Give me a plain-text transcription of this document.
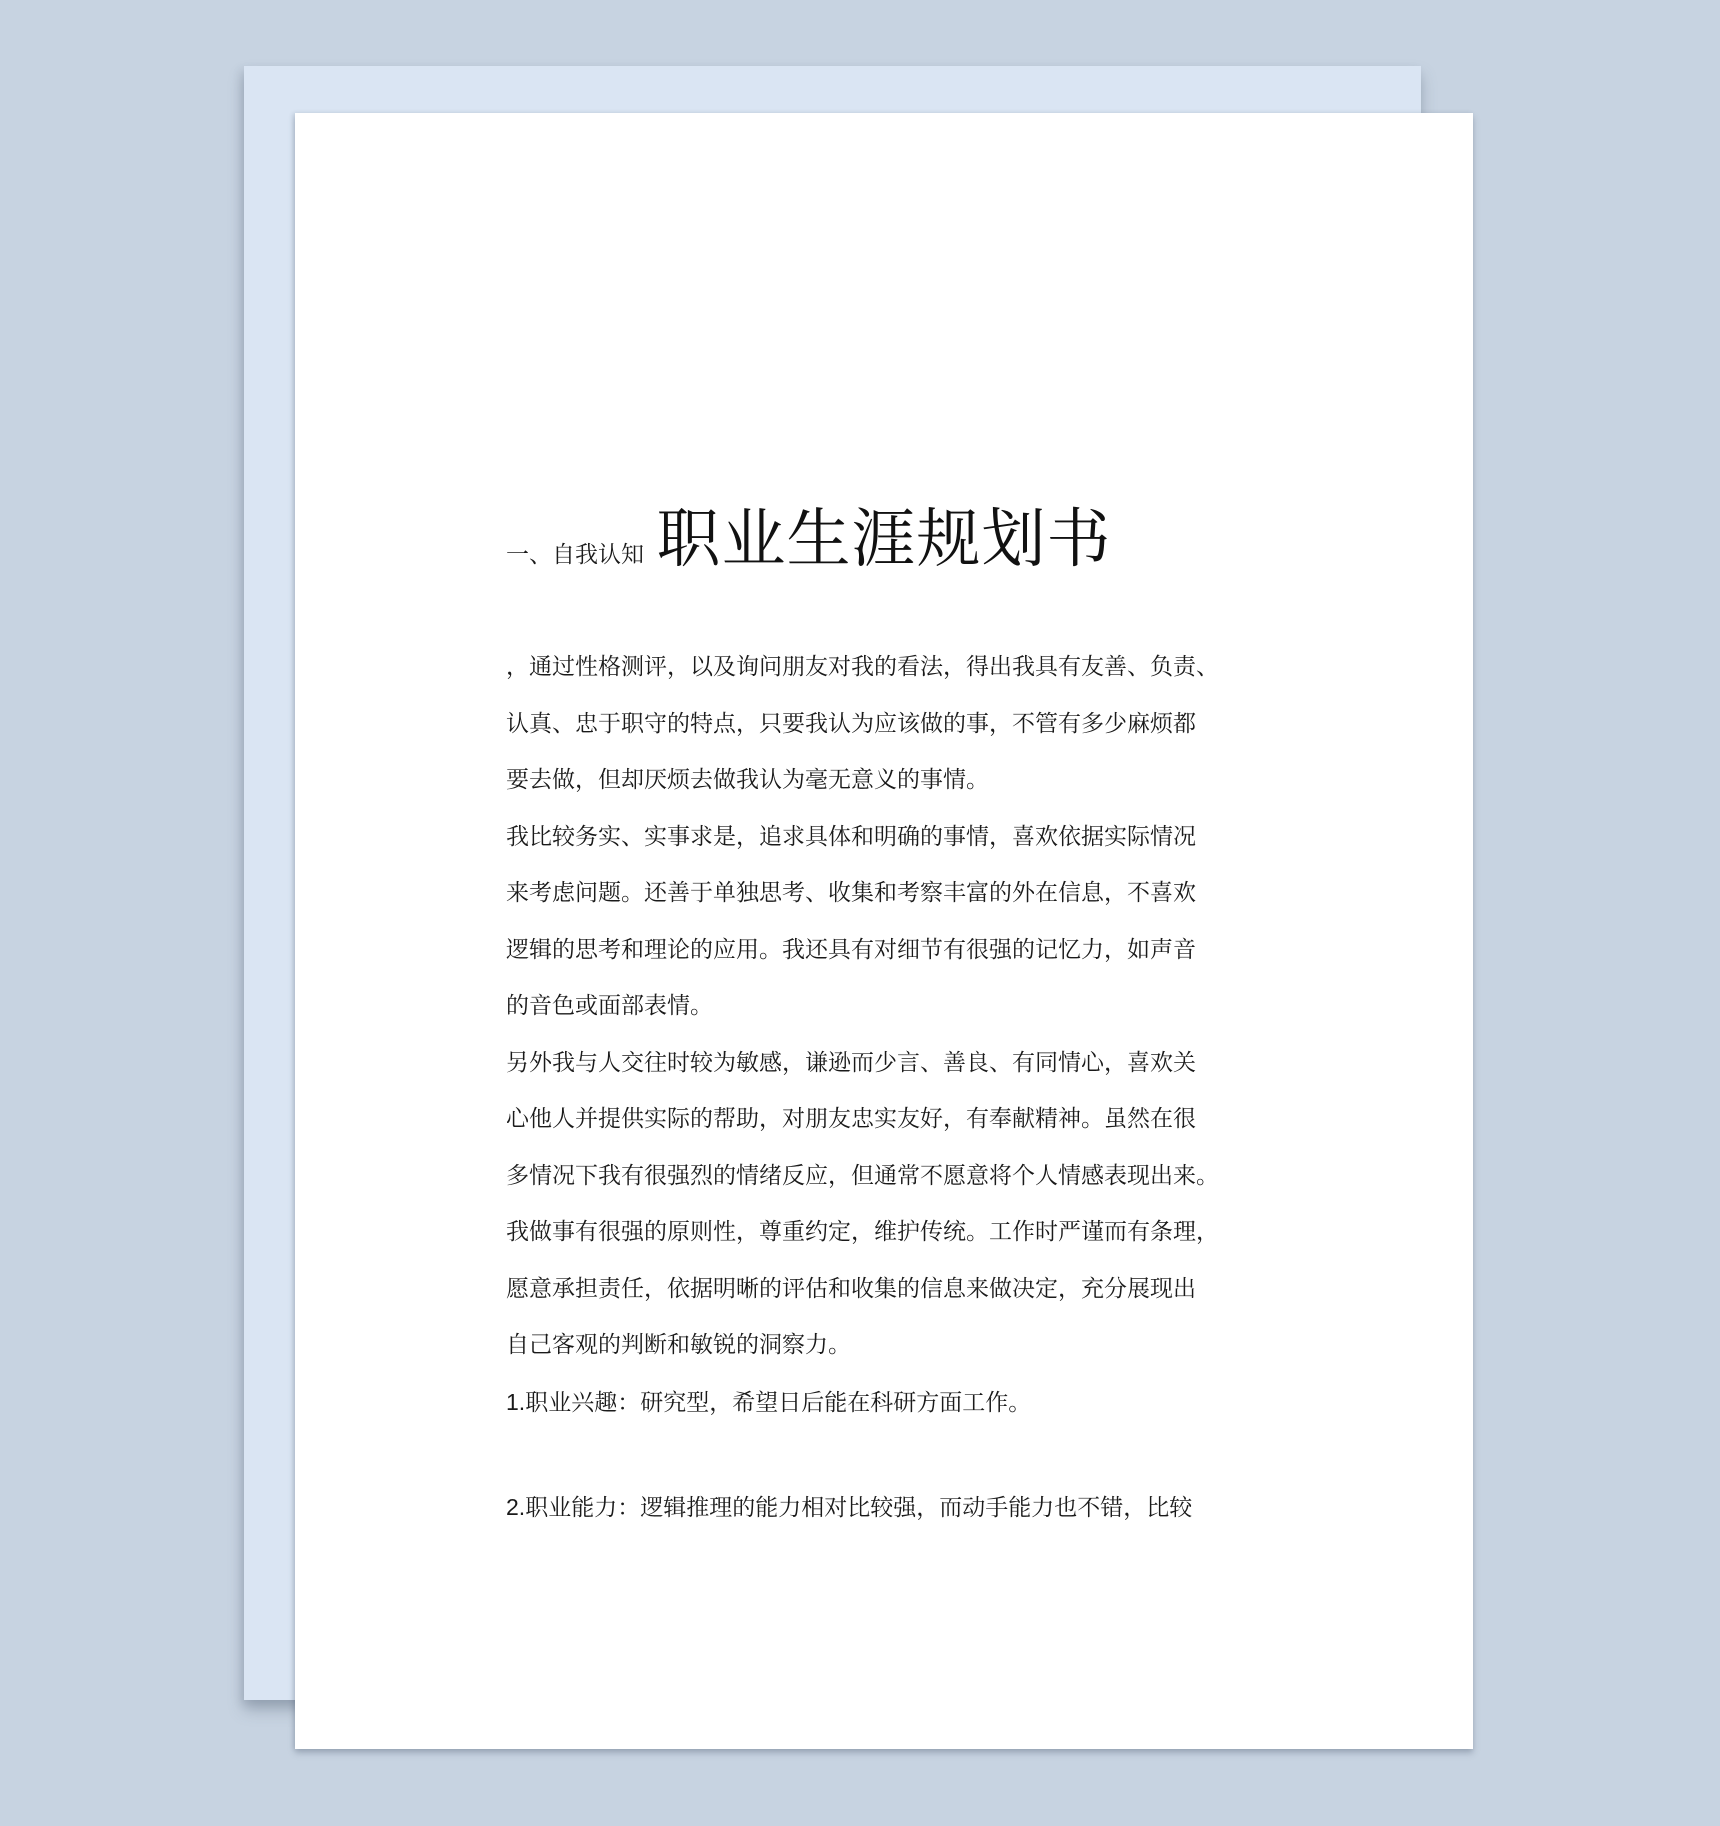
职业生涯规划书
一、自我认知
，通过性格测评，以及询问朋友对我的看法，得出我具有友善、负责、
认真、忠于职守的特点，只要我认为应该做的事，不管有多少麻烦都
要去做，但却厌烦去做我认为毫无意义的事情。
我比较务实、实事求是，追求具体和明确的事情，喜欢依据实际情况
来考虑问题。还善于单独思考、收集和考察丰富的外在信息，不喜欢
逻辑的思考和理论的应用。我还具有对细节有很强的记忆力，如声音
的音色或面部表情。
另外我与人交往时较为敏感，谦逊而少言、善良、有同情心，喜欢关
心他人并提供实际的帮助，对朋友忠实友好，有奉献精神。虽然在很
多情况下我有很强烈的情绪反应，但通常不愿意将个人情感表现出来。
我做事有很强的原则性，尊重约定，维护传统。工作时严谨而有条理，
愿意承担责任，依据明晰的评估和收集的信息来做决定，充分展现出
自己客观的判断和敏锐的洞察力。
1.职业兴趣：研究型，希望日后能在科研方面工作。
2.职业能力：逻辑推理的能力相对比较强，而动手能力也不错，比较
